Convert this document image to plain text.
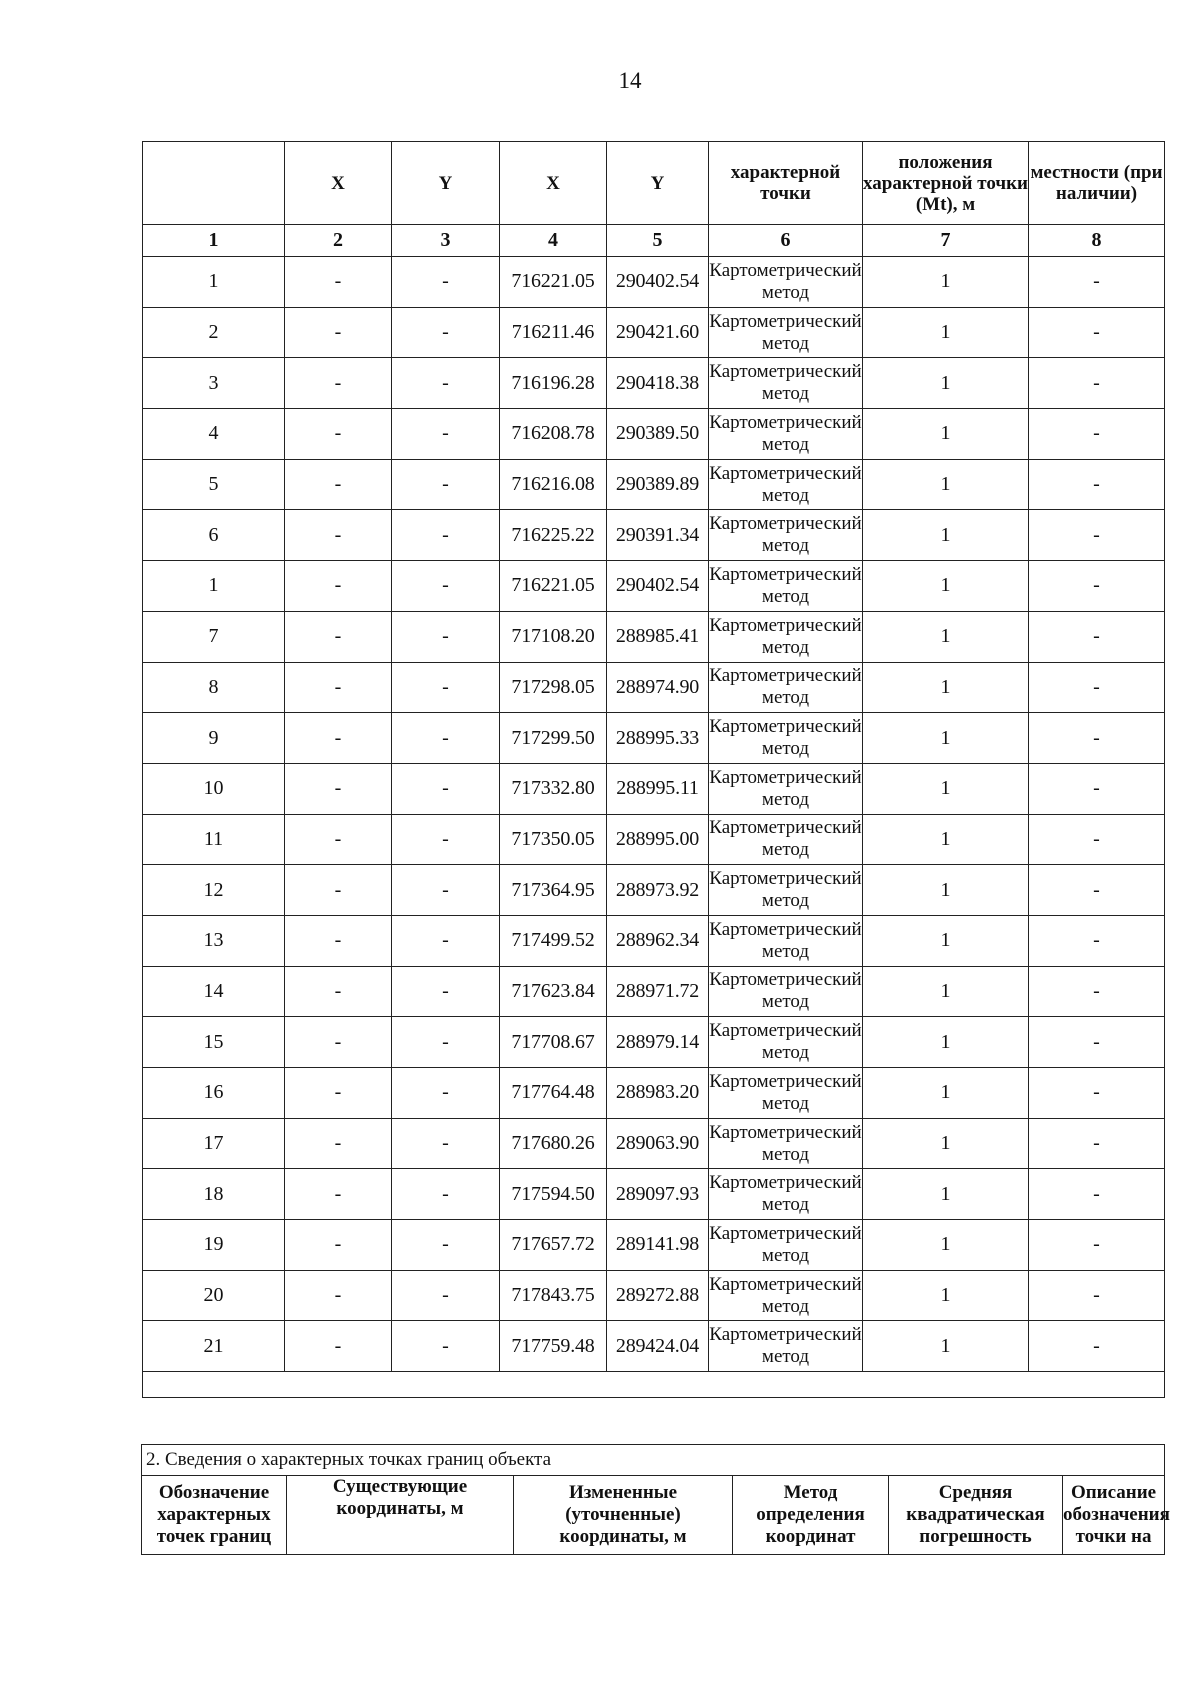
14
	X	Y	X	Y	характерной точки	положения характерной точки (Mt), м	местности (при наличии)
1	2	3	4	5	6	7	8
1	-	-	716221.05	290402.54	Картометрический метод	1	-
2	-	-	716211.46	290421.60	Картометрический метод	1	-
3	-	-	716196.28	290418.38	Картометрический метод	1	-
4	-	-	716208.78	290389.50	Картометрический метод	1	-
5	-	-	716216.08	290389.89	Картометрический метод	1	-
6	-	-	716225.22	290391.34	Картометрический метод	1	-
1	-	-	716221.05	290402.54	Картометрический метод	1	-
7	-	-	717108.20	288985.41	Картометрический метод	1	-
8	-	-	717298.05	288974.90	Картометрический метод	1	-
9	-	-	717299.50	288995.33	Картометрический метод	1	-
10	-	-	717332.80	288995.11	Картометрический метод	1	-
11	-	-	717350.05	288995.00	Картометрический метод	1	-
12	-	-	717364.95	288973.92	Картометрический метод	1	-
13	-	-	717499.52	288962.34	Картометрический метод	1	-
14	-	-	717623.84	288971.72	Картометрический метод	1	-
15	-	-	717708.67	288979.14	Картометрический метод	1	-
16	-	-	717764.48	288983.20	Картометрический метод	1	-
17	-	-	717680.26	289063.90	Картометрический метод	1	-
18	-	-	717594.50	289097.93	Картометрический метод	1	-
19	-	-	717657.72	289141.98	Картометрический метод	1	-
20	-	-	717843.75	289272.88	Картометрический метод	1	-
21	-	-	717759.48	289424.04	Картометрический метод	1	-

2. Сведения о характерных точках границ объекта
Обозначение характерных точек границ	Существующие координаты, м	Измененные (уточненные) координаты, м	Метод определения координат	Средняя квадратическая погрешность	Описание обозначения точки на
